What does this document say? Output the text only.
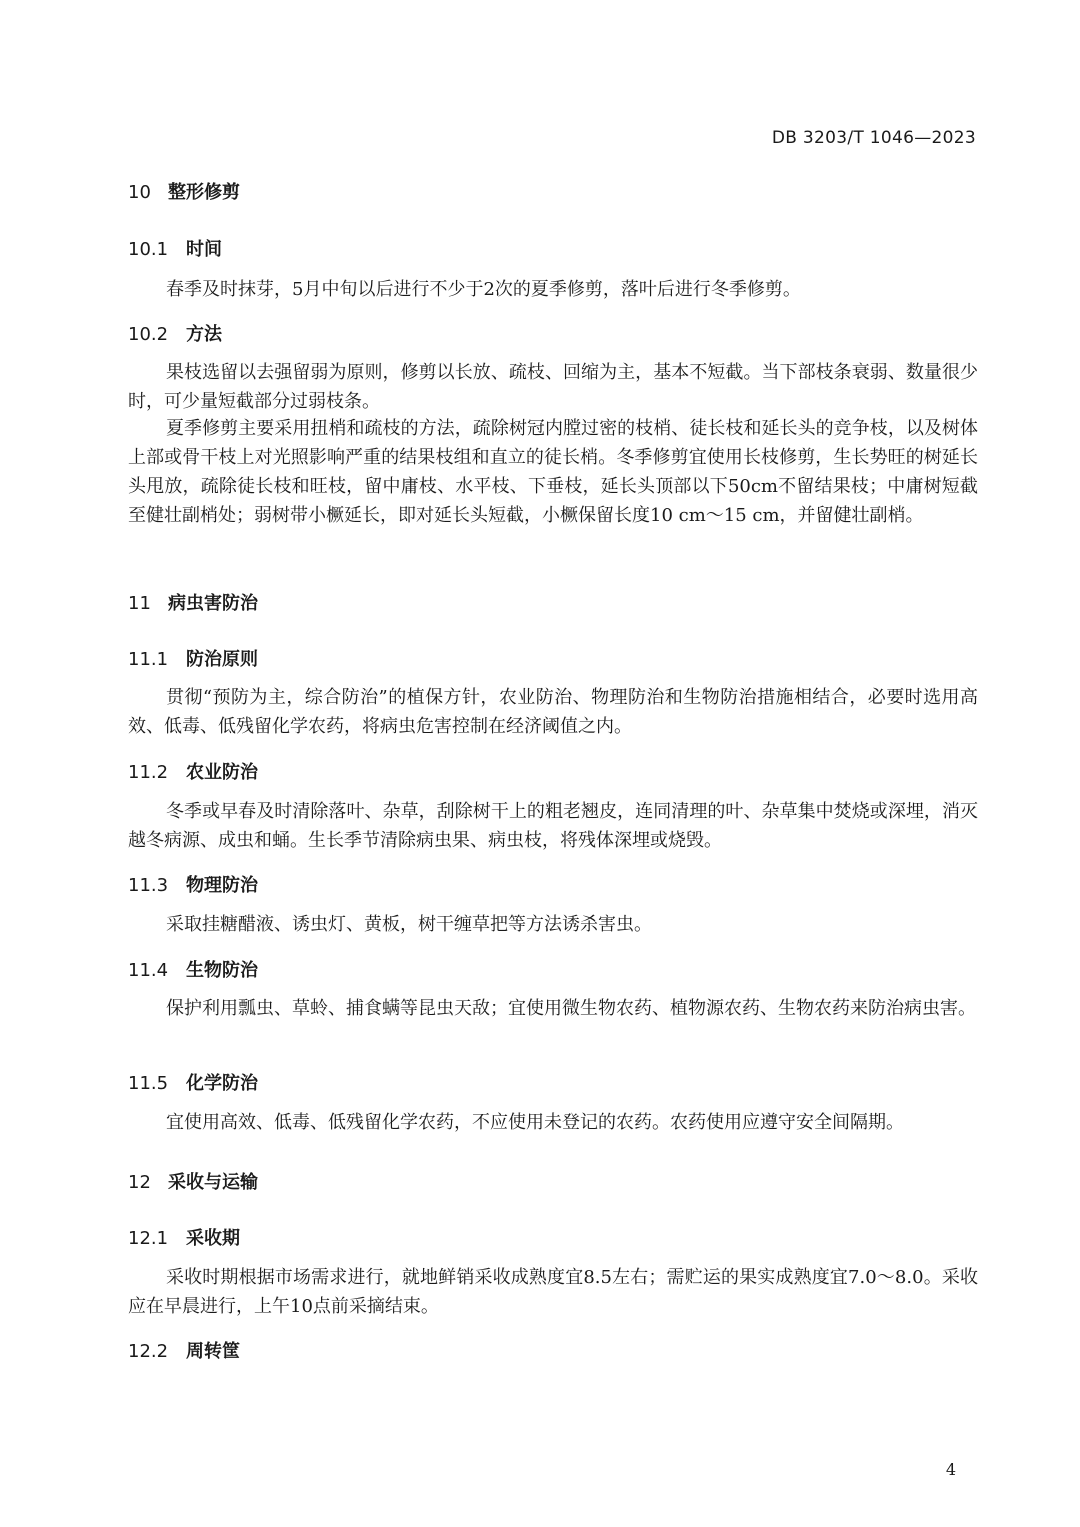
DB 3203/T 1046—2023
10 整形修剪
10.1 时间
春季及时抹芽，5月中旬以后进行不少于2次的夏季修剪，落叶后进行冬季修剪。
10.2 方法
果枝选留以去强留弱为原则，修剪以长放、疏枝、回缩为主，基本不短截。当下部枝条衰弱、数量很少时，可少量短截部分过弱枝条。
夏季修剪主要采用扭梢和疏枝的方法，疏除树冠内膛过密的枝梢、徒长枝和延长头的竞争枝，以及树体上部或骨干枝上对光照影响严重的结果枝组和直立的徒长梢。冬季修剪宜使用长枝修剪，生长势旺的树延长头甩放，疏除徒长枝和旺枝，留中庸枝、水平枝、下垂枝，延长头顶部以下50cm不留结果枝；中庸树短截至健壮副梢处；弱树带小橛延长，即对延长头短截，小橛保留长度10 cm～15 cm，并留健壮副梢。
11 病虫害防治
11.1 防治原则
贯彻“预防为主，综合防治”的植保方针，农业防治、物理防治和生物防治措施相结合，必要时选用高效、低毒、低残留化学农药，将病虫危害控制在经济阈值之内。
11.2 农业防治
冬季或早春及时清除落叶、杂草，刮除树干上的粗老翘皮，连同清理的叶、杂草集中焚烧或深埋，消灭越冬病源、成虫和蛹。生长季节清除病虫果、病虫枝，将残体深埋或烧毁。
11.3 物理防治
采取挂糖醋液、诱虫灯、黄板，树干缠草把等方法诱杀害虫。
11.4 生物防治
保护利用瓢虫、草蛉、捕食螨等昆虫天敌；宜使用微生物农药、植物源农药、生物农药来防治病虫害。
11.5 化学防治
宜使用高效、低毒、低残留化学农药，不应使用未登记的农药。农药使用应遵守安全间隔期。
12 采收与运输
12.1 采收期
采收时期根据市场需求进行，就地鲜销采收成熟度宜8.5左右；需贮运的果实成熟度宜7.0～8.0。采收应在早晨进行，上午10点前采摘结束。
12.2 周转筐
4
